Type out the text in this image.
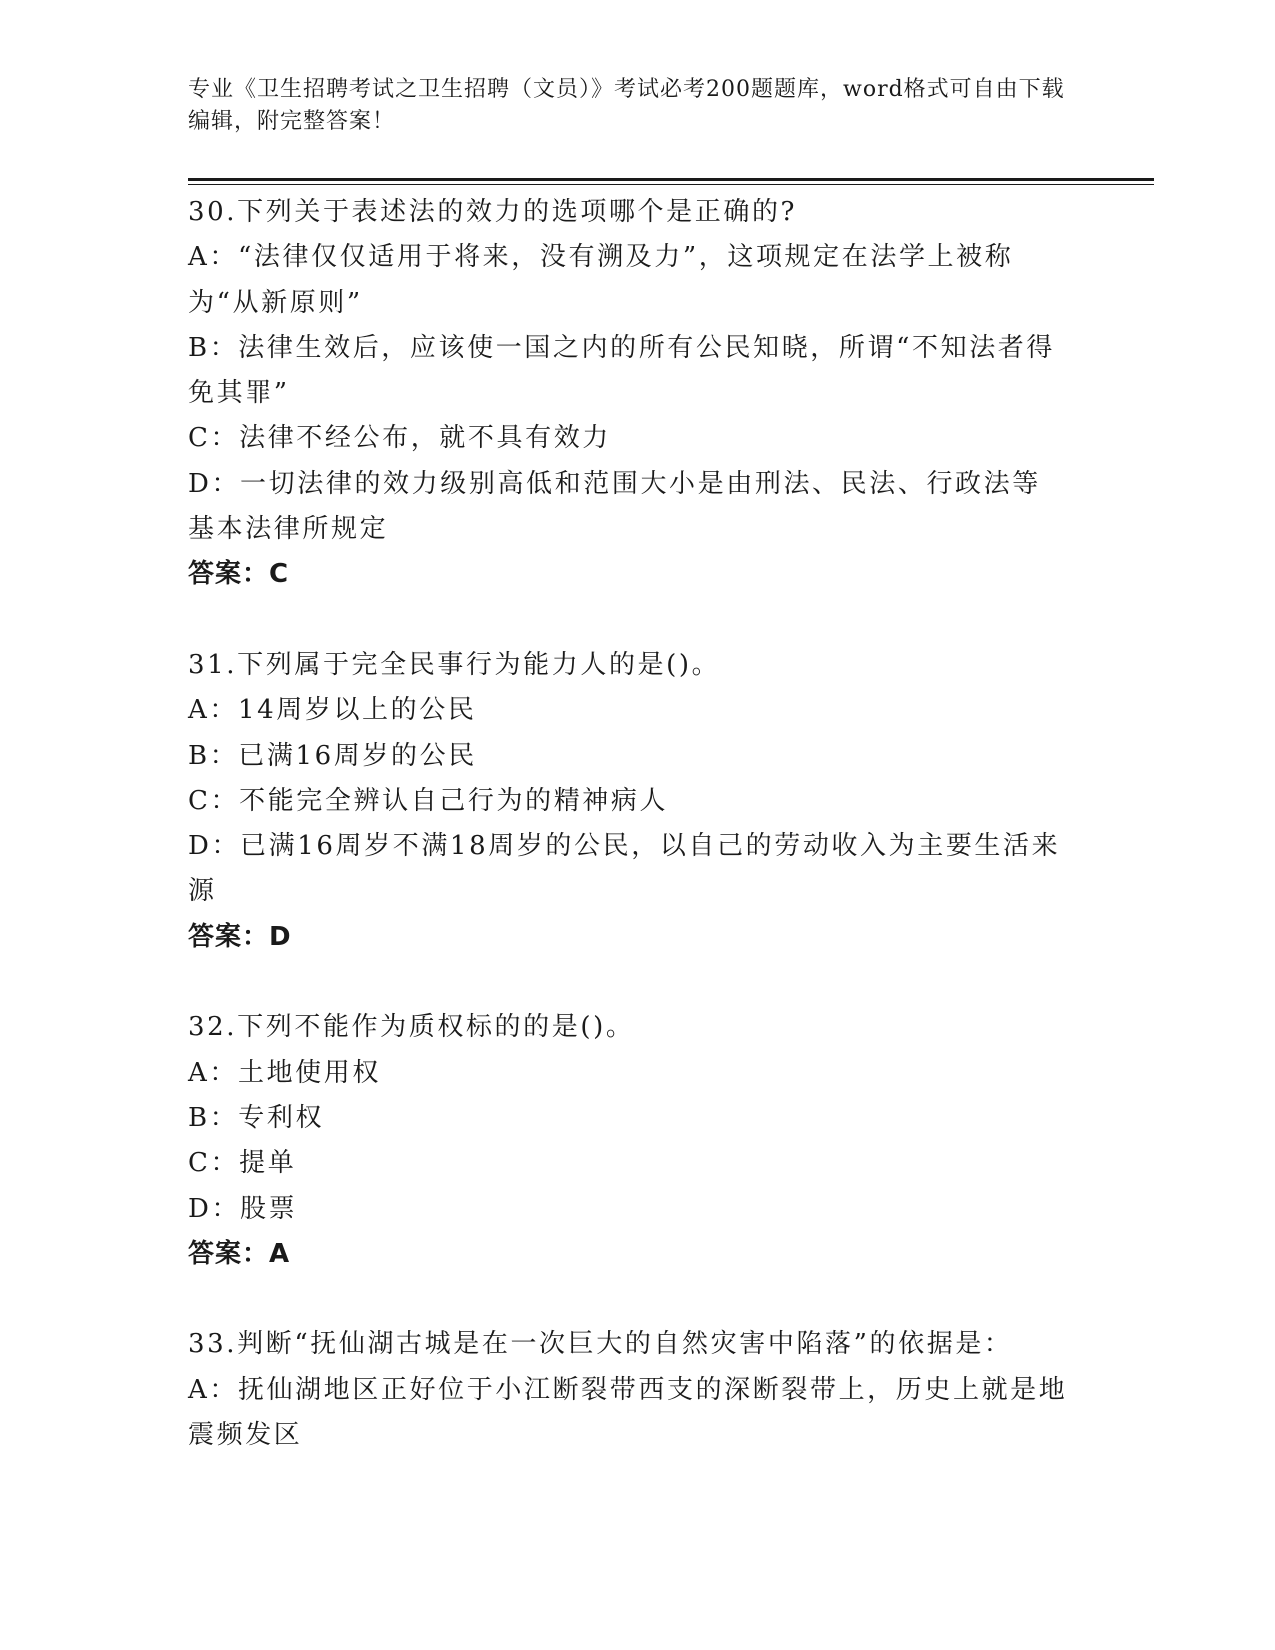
专业《卫生招聘考试之卫生招聘（文员）》考试必考200题题库，word格式可自由下载编辑，附完整答案！
30.下列关于表述法的效力的选项哪个是正确的?
A：“法律仅仅适用于将来，没有溯及力”，这项规定在法学上被称为“从新原则”
B：法律生效后，应该使一国之内的所有公民知晓，所谓“不知法者得免其罪”
C：法律不经公布，就不具有效力
D：一切法律的效力级别高低和范围大小是由刑法、民法、行政法等基本法律所规定
答案：C
31.下列属于完全民事行为能力人的是()。
A：14周岁以上的公民
B：已满16周岁的公民
C：不能完全辨认自己行为的精神病人
D：已满16周岁不满18周岁的公民，以自己的劳动收入为主要生活来源
答案：D
32.下列不能作为质权标的的是()。
A：土地使用权
B：专利权
C：提单
D：股票
答案：A
33.判断“抚仙湖古城是在一次巨大的自然灾害中陷落”的依据是：
A：抚仙湖地区正好位于小江断裂带西支的深断裂带上，历史上就是地震频发区
